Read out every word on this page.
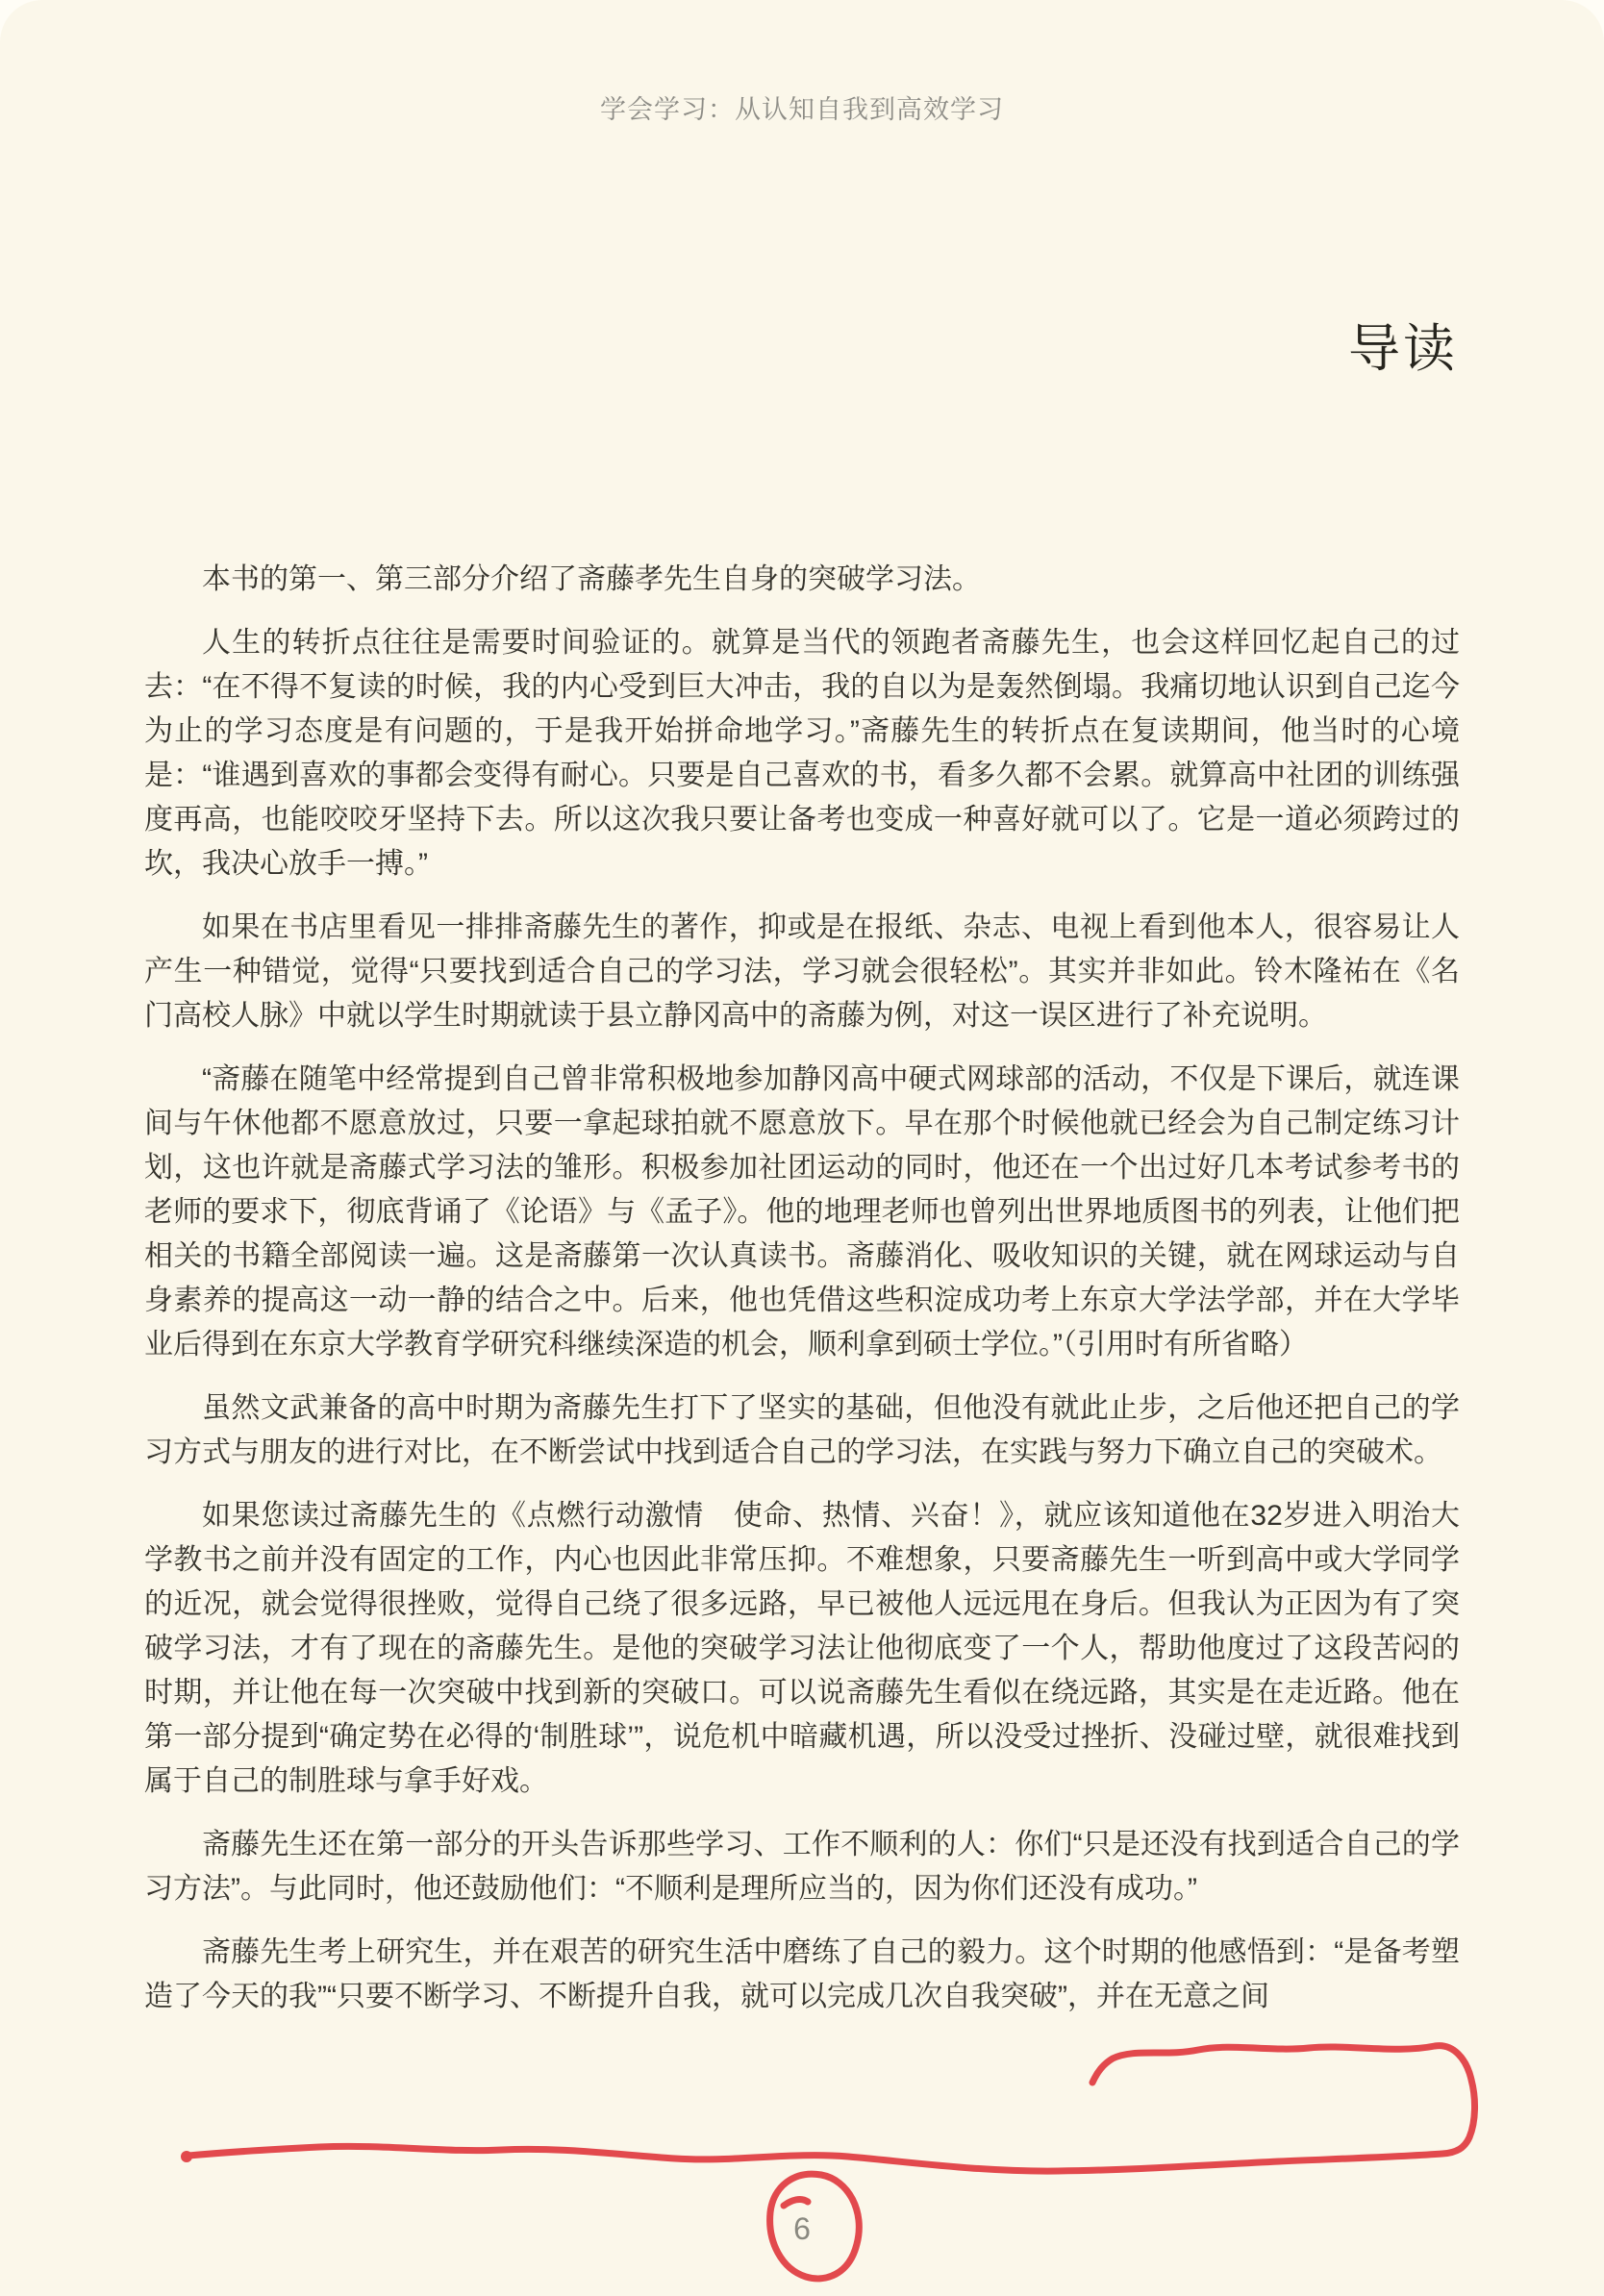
学会学习：从认知自我到高效学习
导读

本书的第一、第三部分介绍了斋藤孝先生自身的突破学习法。

人生的转折点往往是需要时间验证的。就算是当代的领跑者斋藤先生，也会这样回忆起自己的过去：“在不得不复读的时候，我的内心受到巨大冲击，我的自以为是轰然倒塌。我痛切地认识到自己迄今为止的学习态度是有问题的，于是我开始拼命地学习。”斋藤先生的转折点在复读期间，他当时的心境是：“谁遇到喜欢的事都会变得有耐心。只要是自己喜欢的书，看多久都不会累。就算高中社团的训练强度再高，也能咬咬牙坚持下去。所以这次我只要让备考也变成一种喜好就可以了。它是一道必须跨过的坎，我决心放手一搏。”

如果在书店里看见一排排斋藤先生的著作，抑或是在报纸、杂志、电视上看到他本人，很容易让人产生一种错觉，觉得“只要找到适合自己的学习法，学习就会很轻松”。其实并非如此。铃木隆祐在《名门高校人脉》中就以学生时期就读于县立静冈高中的斋藤为例，对这一误区进行了补充说明。

“斋藤在随笔中经常提到自己曾非常积极地参加静冈高中硬式网球部的活动，不仅是下课后，就连课间与午休他都不愿意放过，只要一拿起球拍就不愿意放下。早在那个时候他就已经会为自己制定练习计划，这也许就是斋藤式学习法的雏形。积极参加社团运动的同时，他还在一个出过好几本考试参考书的老师的要求下，彻底背诵了《论语》与《孟子》。他的地理老师也曾列出世界地质图书的列表，让他们把相关的书籍全部阅读一遍。这是斋藤第一次认真读书。斋藤消化、吸收知识的关键，就在网球运动与自身素养的提高这一动一静的结合之中。后来，他也凭借这些积淀成功考上东京大学法学部，并在大学毕业后得到在东京大学教育学研究科继续深造的机会，顺利拿到硕士学位。”（引用时有所省略）

虽然文武兼备的高中时期为斋藤先生打下了坚实的基础，但他没有就此止步，之后他还把自己的学习方式与朋友的进行对比，在不断尝试中找到适合自己的学习法，在实践与努力下确立自己的突破术。

如果您读过斋藤先生的《点燃行动激情　使命、热情、兴奋！》，就应该知道他在32岁进入明治大学教书之前并没有固定的工作，内心也因此非常压抑。不难想象，只要斋藤先生一听到高中或大学同学的近况，就会觉得很挫败，觉得自己绕了很多远路，早已被他人远远甩在身后。但我认为正因为有了突破学习法，才有了现在的斋藤先生。是他的突破学习法让他彻底变了一个人，帮助他度过了这段苦闷的时期，并让他在每一次突破中找到新的突破口。可以说斋藤先生看似在绕远路，其实是在走近路。他在第一部分提到“确定势在必得的‘制胜球’”，说危机中暗藏机遇，所以没受过挫折、没碰过壁，就很难找到属于自己的制胜球与拿手好戏。

斋藤先生还在第一部分的开头告诉那些学习、工作不顺利的人：你们“只是还没有找到适合自己的学习方法”。与此同时，他还鼓励他们：“不顺利是理所应当的，因为你们还没有成功。”

斋藤先生考上研究生，并在艰苦的研究生活中磨练了自己的毅力。这个时期的他感悟到：“是备考塑造了今天的我”“只要不断学习、不断提升自我，就可以完成几次自我突破”，并在无意之间

6
